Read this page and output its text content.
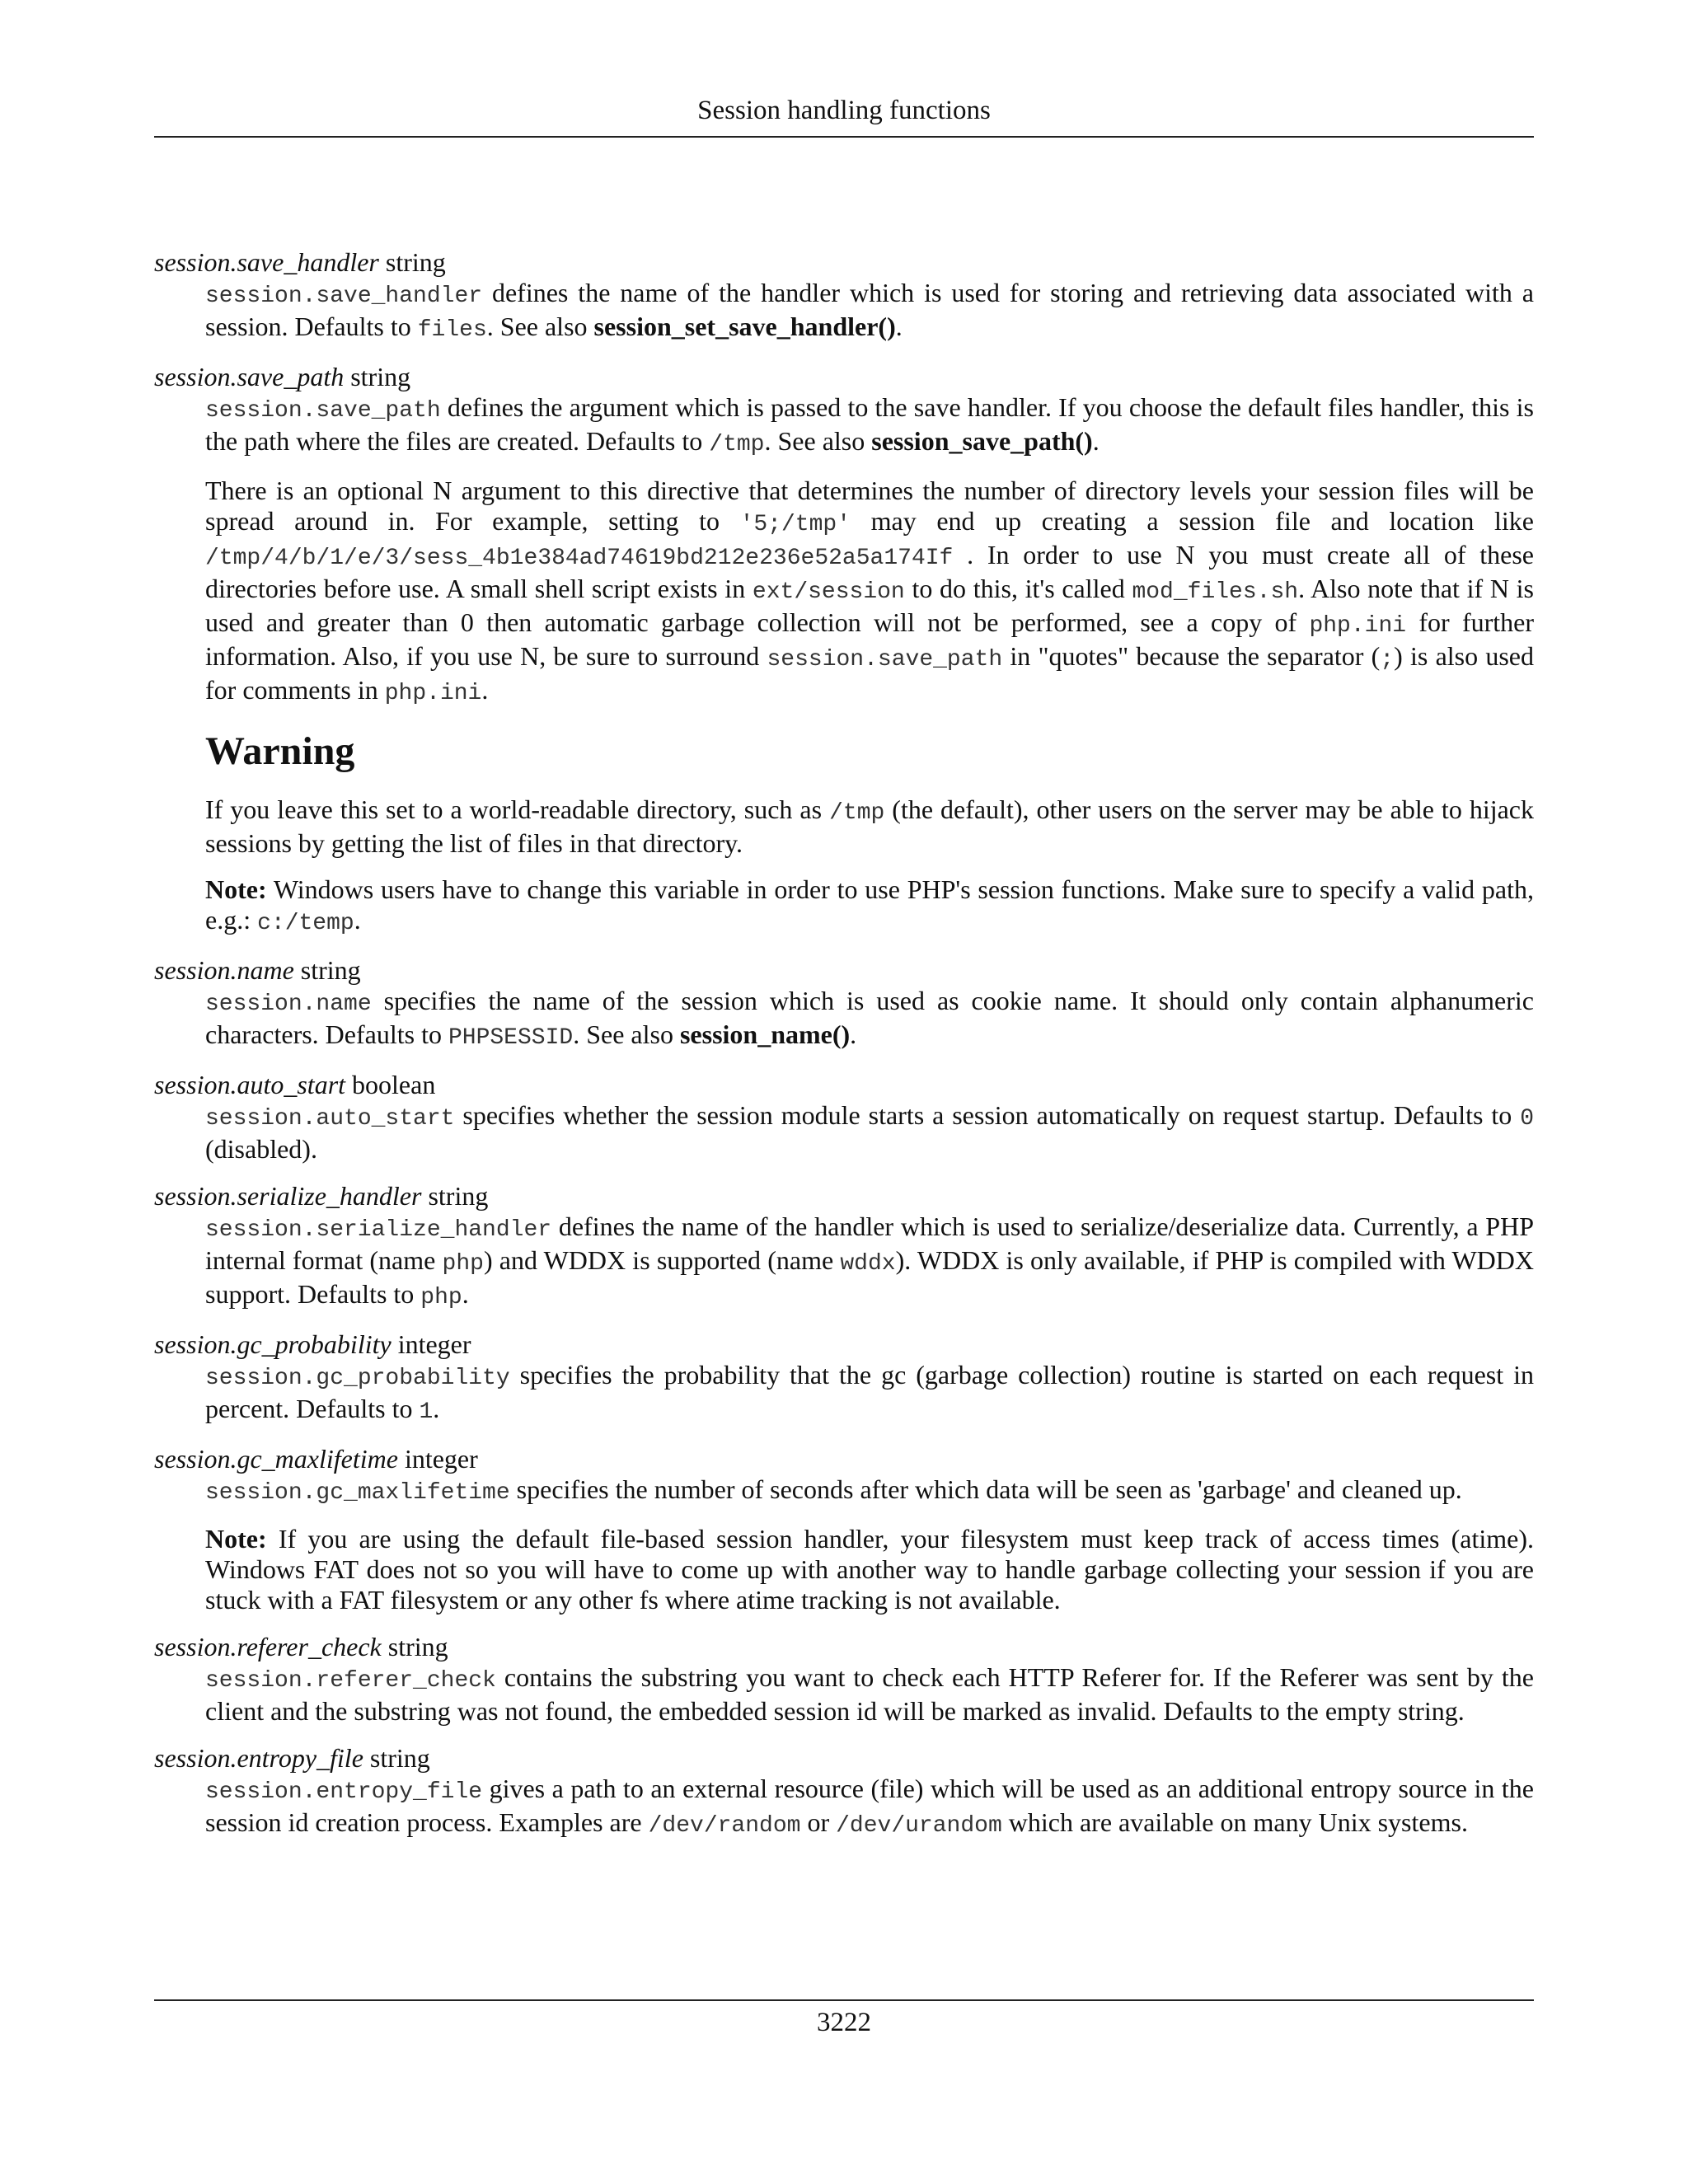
Session handling functions
session.save_handler string

session.save_handler defines the name of the handler which is used for storing and retrieving data associated with a session. Defaults to files. See also session_set_save_handler().

session.save_path string

session.save_path defines the argument which is passed to the save handler. If you choose the default files handler, this is the path where the files are created. Defaults to /tmp. See also session_save_path().

There is an optional N argument to this directive that determines the number of directory levels your session files will be spread around in. For example, setting to '5;/tmp' may end up creating a session file and location like /tmp/4/b/1/e/3/sess_4b1e384ad74619bd212e236e52a5a174If . In order to use N you must create all of these directories before use. A small shell script exists in ext/session to do this, it's called mod_files.sh. Also note that if N is used and greater than 0 then automatic garbage collection will not be performed, see a copy of php.ini for further information. Also, if you use N, be sure to surround session.save_path in "quotes" because the separator (;) is also used for comments in php.ini.

Warning

If you leave this set to a world-readable directory, such as /tmp (the default), other users on the server may be able to hijack sessions by getting the list of files in that directory.

Note: Windows users have to change this variable in order to use PHP's session functions. Make sure to specify a valid path, e.g.: c:/temp.

session.name string

session.name specifies the name of the session which is used as cookie name. It should only contain alphanumeric characters. Defaults to PHPSESSID. See also session_name().

session.auto_start boolean

session.auto_start specifies whether the session module starts a session automatically on request startup. Defaults to 0 (disabled).

session.serialize_handler string

session.serialize_handler defines the name of the handler which is used to serialize/deserialize data. Currently, a PHP internal format (name php) and WDDX is supported (name wddx). WDDX is only available, if PHP is compiled with WDDX support. Defaults to php.

session.gc_probability integer

session.gc_probability specifies the probability that the gc (garbage collection) routine is started on each request in percent. Defaults to 1.

session.gc_maxlifetime integer

session.gc_maxlifetime specifies the number of seconds after which data will be seen as 'garbage' and cleaned up.

Note: If you are using the default file-based session handler, your filesystem must keep track of access times (atime). Windows FAT does not so you will have to come up with another way to handle garbage collecting your session if you are stuck with a FAT filesystem or any other fs where atime tracking is not available.

session.referer_check string

session.referer_check contains the substring you want to check each HTTP Referer for. If the Referer was sent by the client and the substring was not found, the embedded session id will be marked as invalid. Defaults to the empty string.

session.entropy_file string

session.entropy_file gives a path to an external resource (file) which will be used as an additional entropy source in the session id creation process. Examples are /dev/random or /dev/urandom which are available on many Unix systems.

3222
